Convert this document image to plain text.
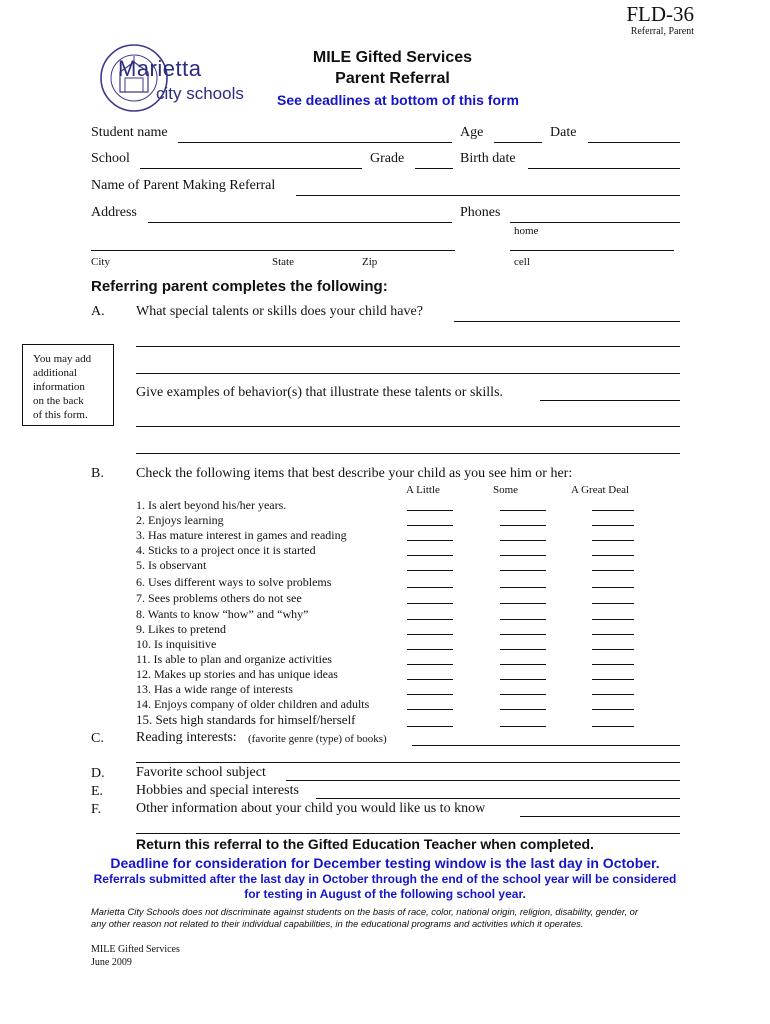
FLD-36
Referral, Parent
MILE Gifted Services
Parent Referral
See deadlines at bottom of this form
Marietta
city schools
Student name	Age	Date
School	Grade	Birth date
Name of Parent Making Referral
Address	Phones
home
City	State	Zip	cell
Referring parent completes the following:
A. What special talents or skills does your child have?
You may add
additional
information
on the back
of this form.
Give examples of behavior(s) that illustrate these talents or skills.
B. Check the following items that best describe your child as you see him or her:
A Little	Some	A Great Deal
1. Is alert beyond his/her years.
2. Enjoys learning
3. Has mature interest in games and reading
4. Sticks to a project once it is started
5. Is observant
6. Uses different ways to solve problems
7. Sees problems others do not see
8. Wants to know “how” and “why”
9. Likes to pretend
10. Is inquisitive
11. Is able to plan and organize activities
12. Makes up stories and has unique ideas
13. Has a wide range of interests
14. Enjoys company of older children and adults
15. Sets high standards for himself/herself
C. Reading interests: (favorite genre (type) of books)
D. Favorite school subject
E. Hobbies and special interests
F. Other information about your child you would like us to know
Return this referral to the Gifted Education Teacher when completed.
Deadline for consideration for December testing window is the last day in October.
Referrals submitted after the last day in October through the end of the school year will be considered
for testing in August of the following school year.
Marietta City Schools does not discriminate against students on the basis of race, color, national origin, religion, disability, gender, or
any other reason not related to their individual capabilities, in the educational programs and activities which it operates.
MILE Gifted Services
June 2009
